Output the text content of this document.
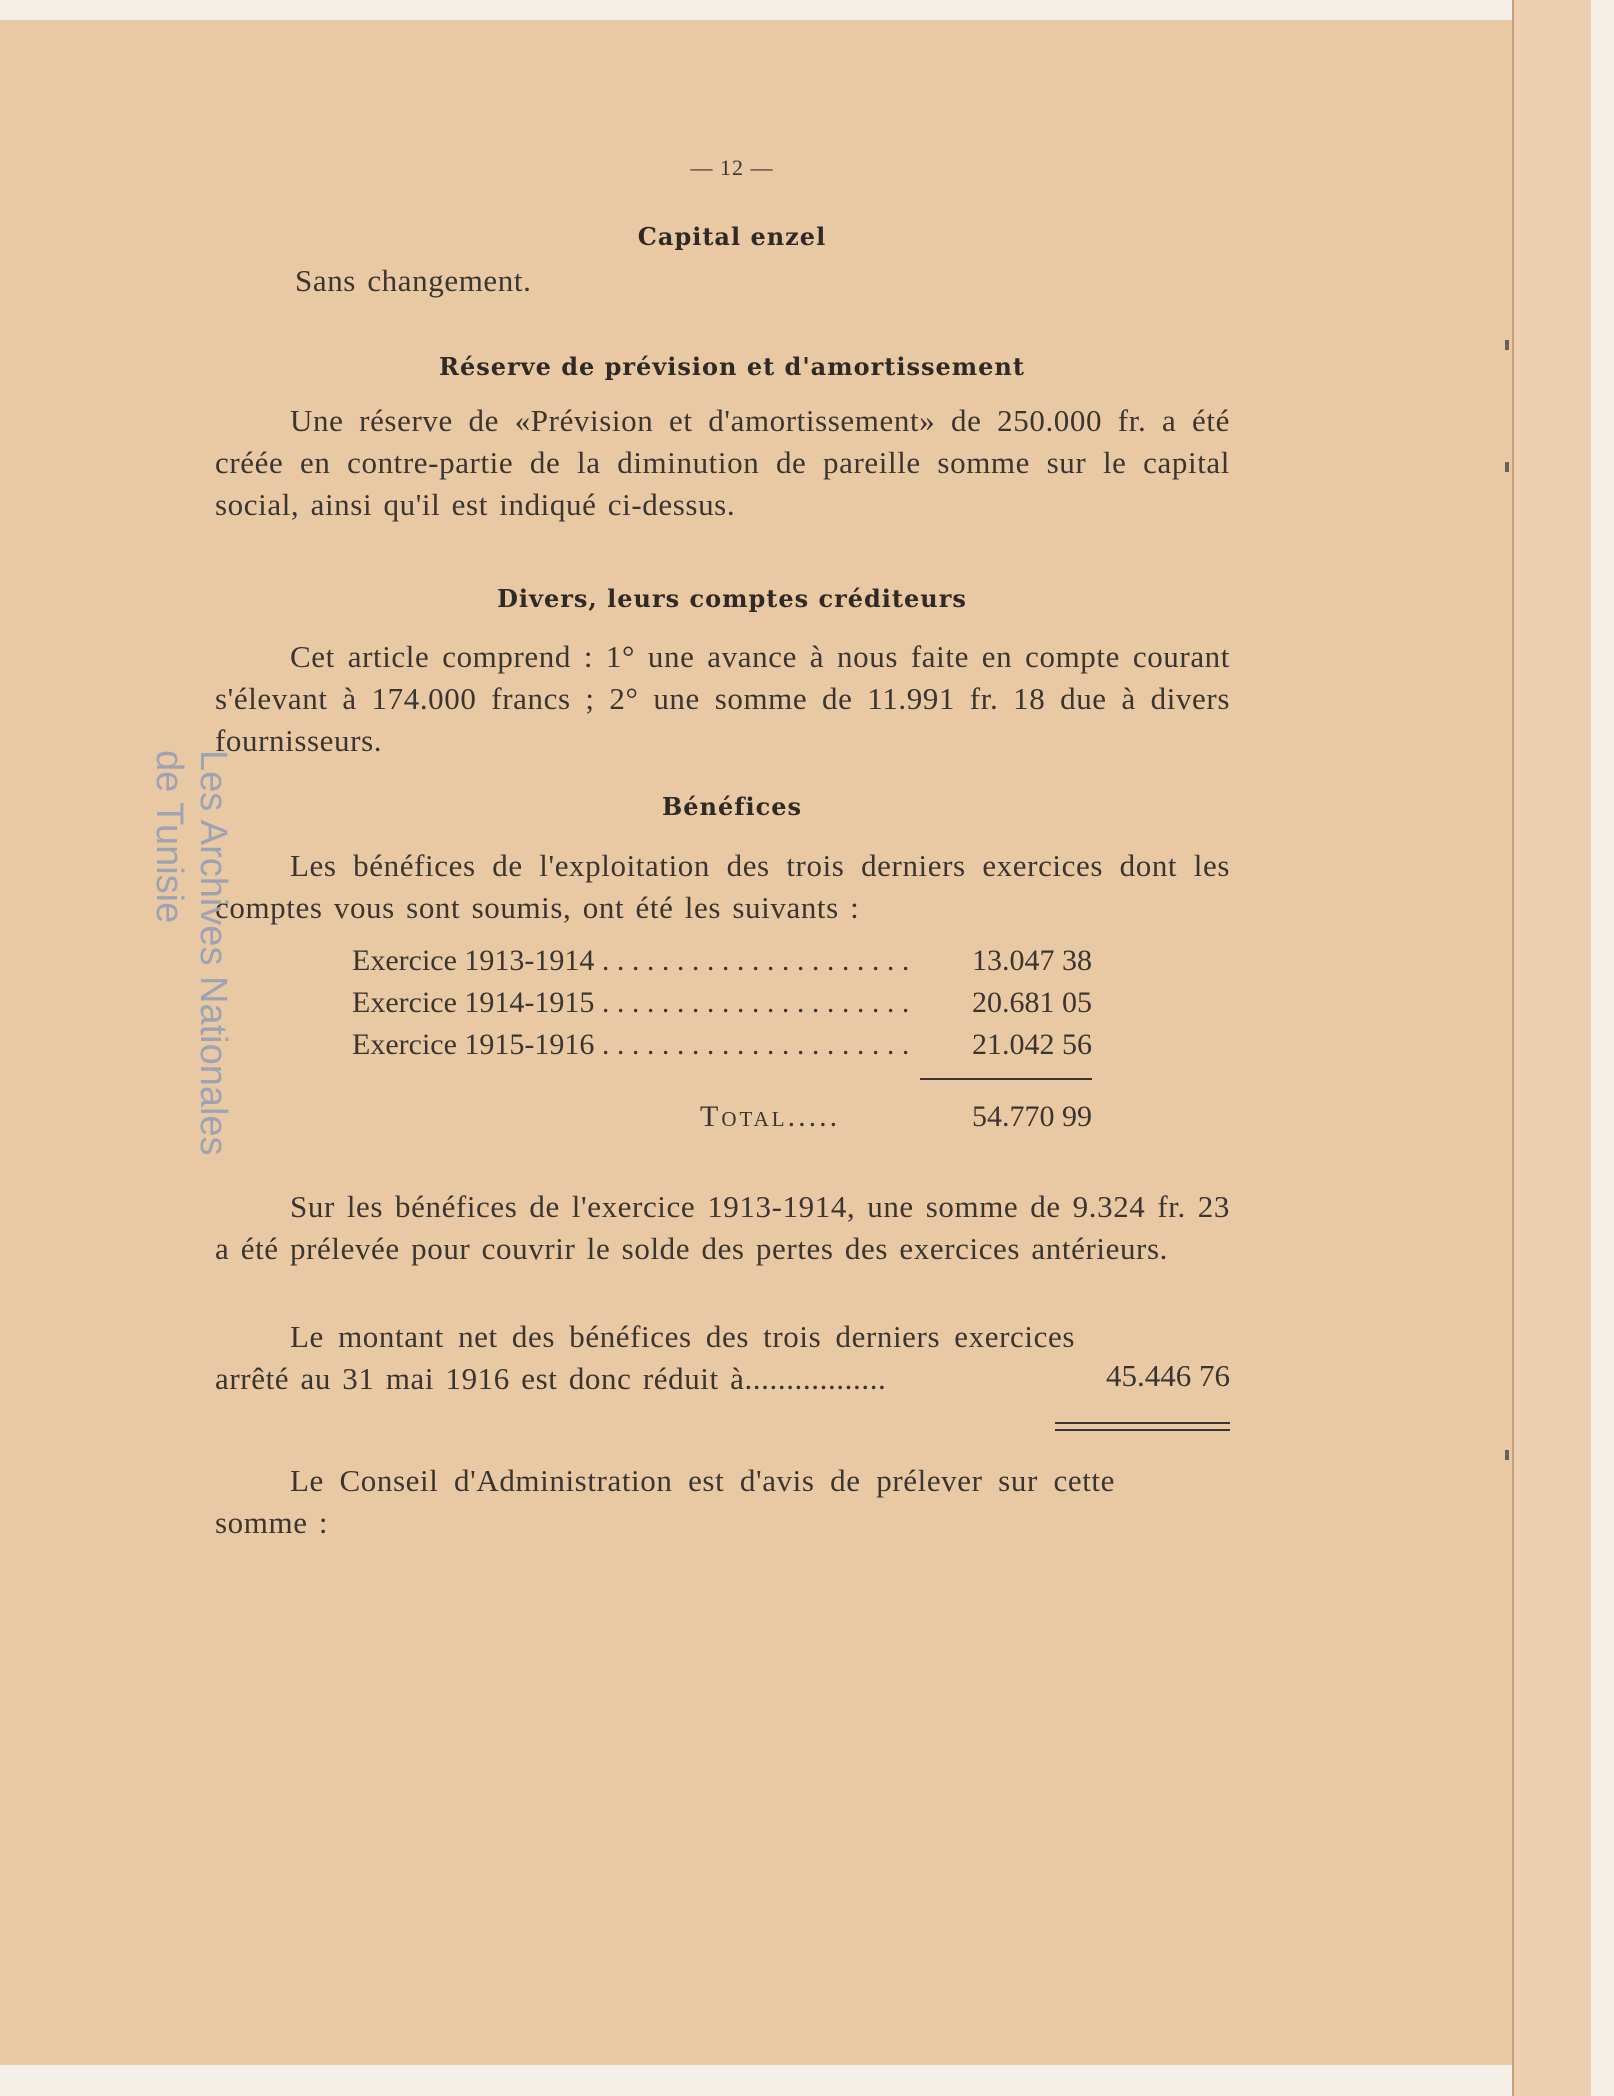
— 12 —
Capital enzel
Sans changement.
Réserve de prévision et d'amortissement
Une réserve de «Prévision et d'amortissement» de 250.000 fr. a été créée en contre-partie de la diminution de pareille somme sur le capital social, ainsi qu'il est indiqué ci-dessus.
Divers, leurs comptes créditeurs
Cet article comprend : 1° une avance à nous faite en compte courant s'élevant à 174.000 francs ; 2° une somme de 11.991 fr. 18 due à divers fournisseurs.
Bénéfices
Les bénéfices de l'exploitation des trois derniers exercices dont les comptes vous sont soumis, ont été les suivants :
Exercice 1913-1914 . . .	13.047 38
Exercice 1914-1915 . . .	20.681 05
Exercice 1915-1916 . . .	21.042 56
Total.....	54.770 99
Sur les bénéfices de l'exercice 1913-1914, une somme de 9.324 fr. 23 a été prélevée pour couvrir le solde des pertes des exercices antérieurs.
Le montant net des bénéfices des trois derniers exercices arrêté au 31 mai 1916 est donc réduit à.................	45.446 76
Le Conseil d'Administration est d'avis de prélever sur cette somme :
Les Archives Nationales
de Tunisie
